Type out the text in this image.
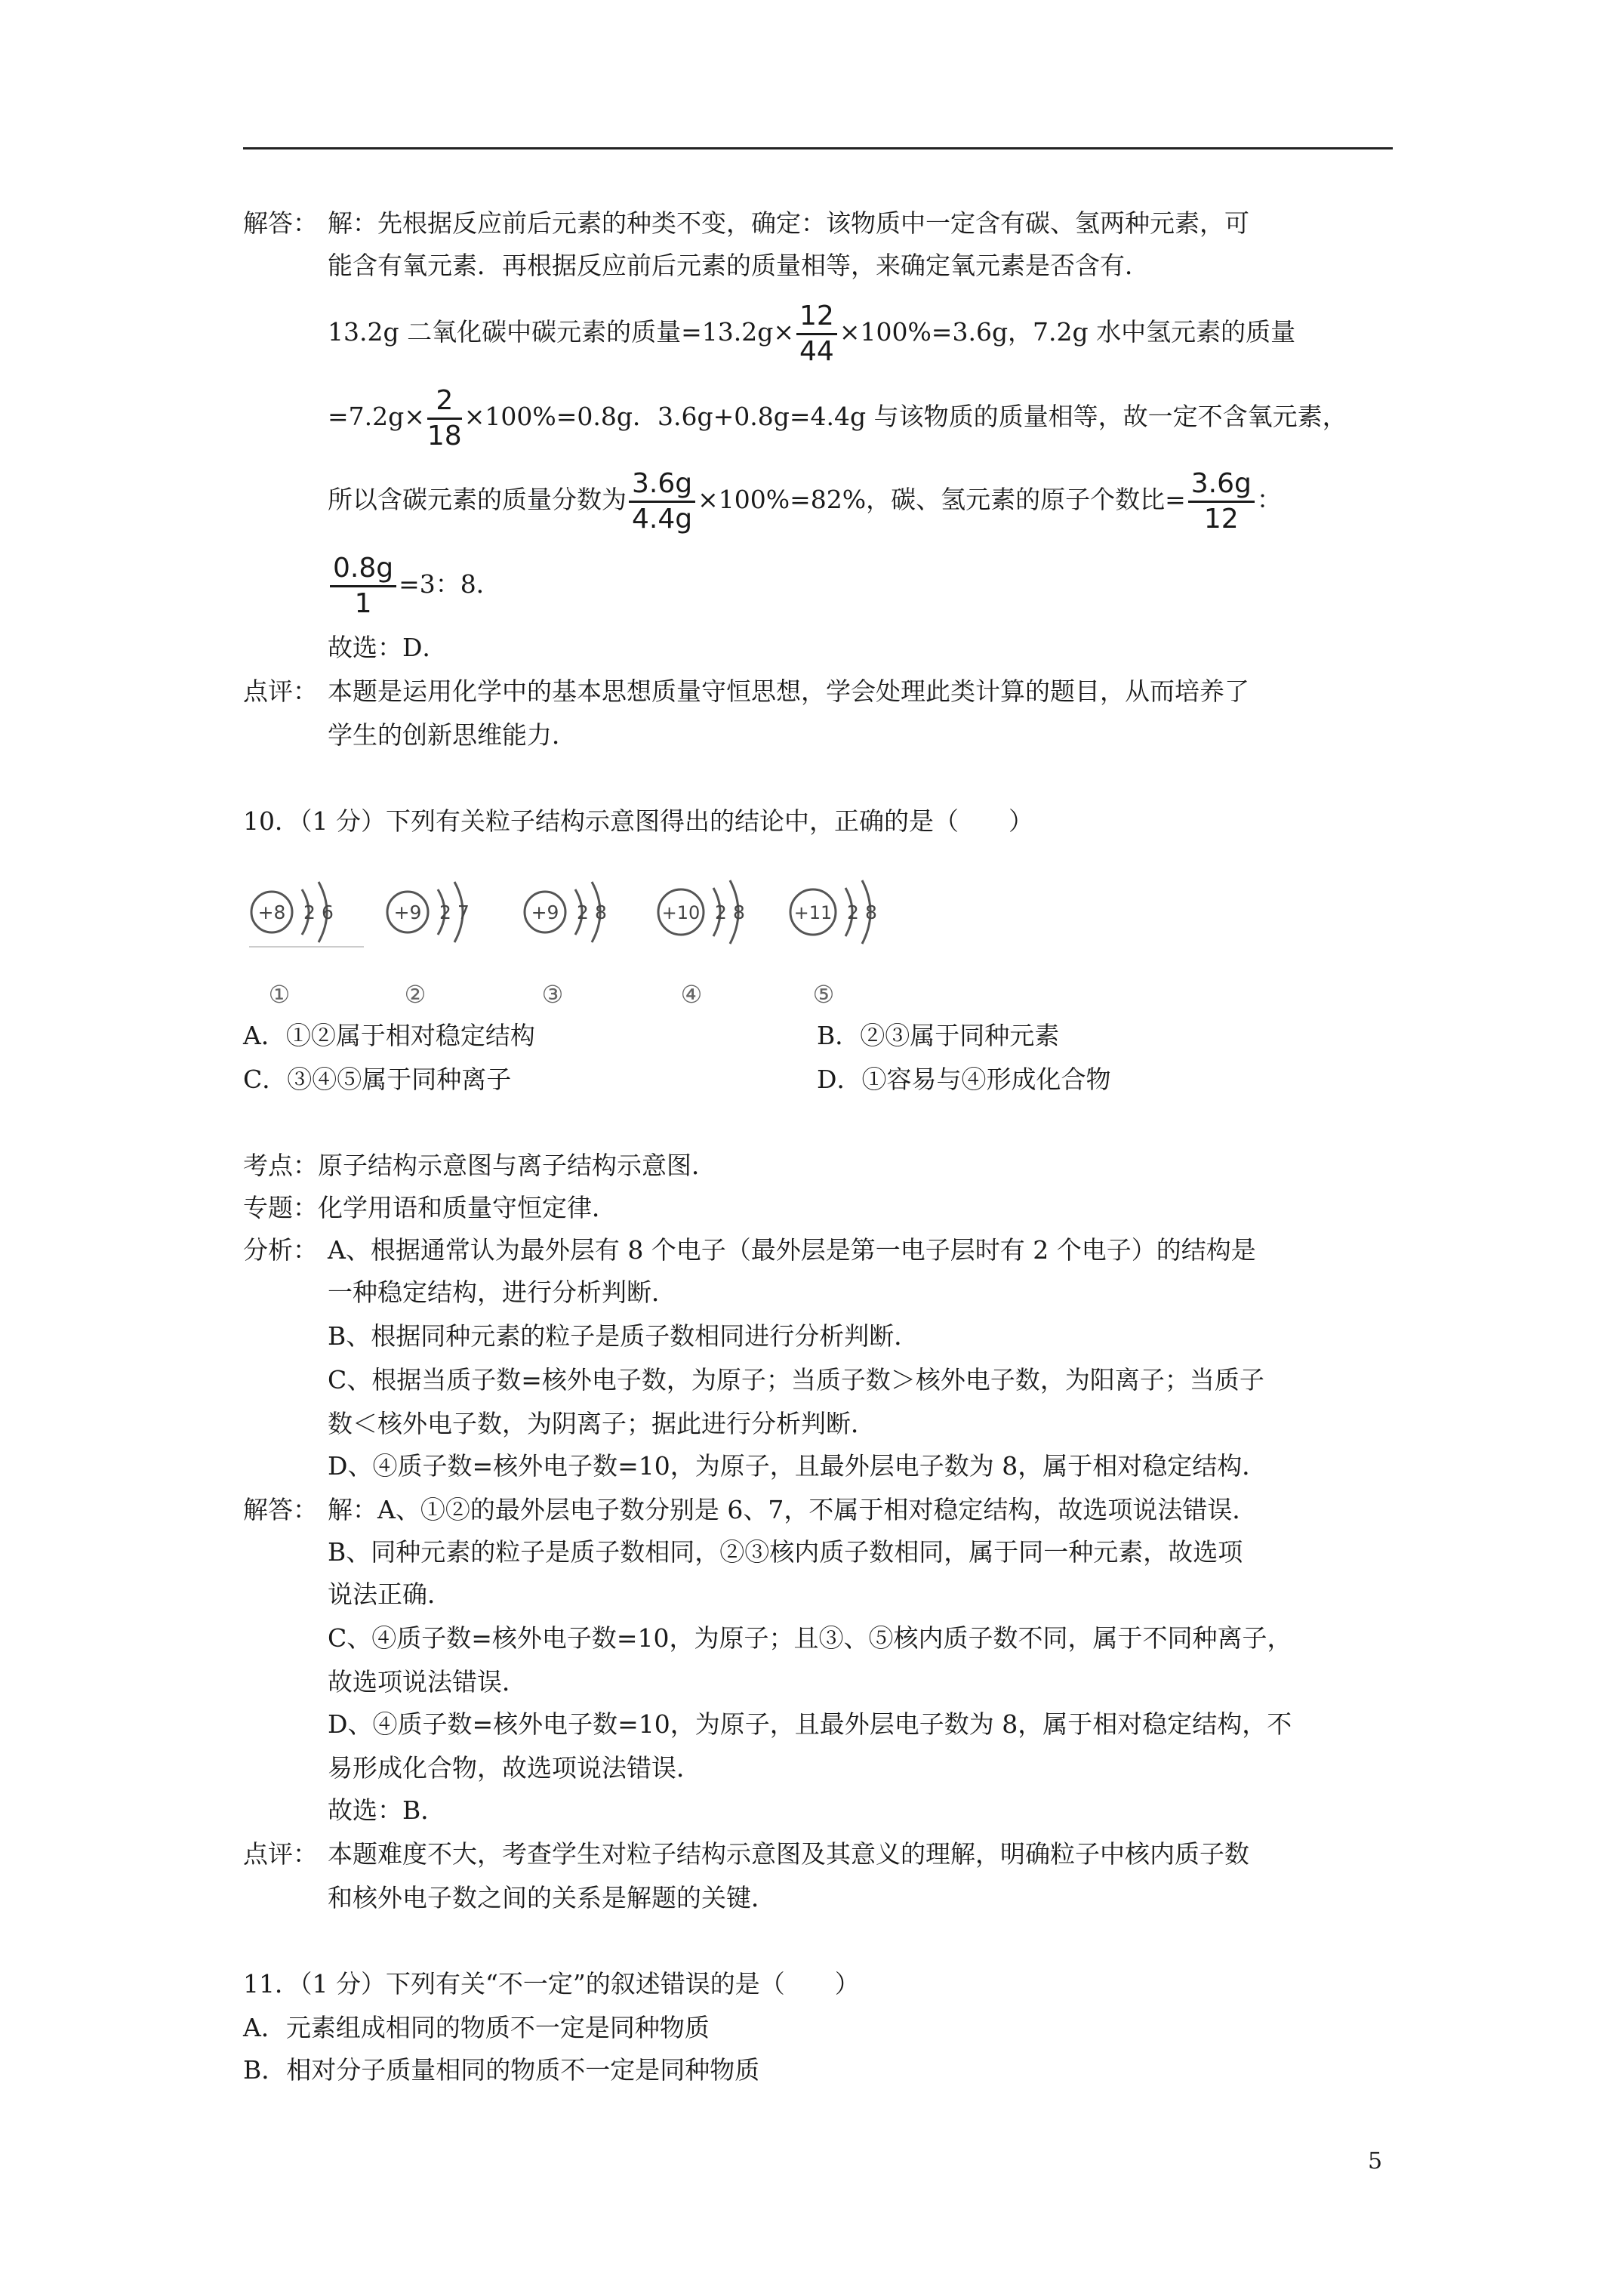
解答： 解：先根据反应前后元素的种类不变，确定：该物质中一定含有碳、氢两种元素，可
能含有氧元素．再根据反应前后元素的质量相等，来确定氧元素是否含有．
13.2g 二氧化碳中碳元素的质量$=13.2g\times \frac{12}{44} \times 100\%=3.6g$，7.2g 水中氢元素的质量
$=7.2g\times \frac{2}{18} \times 100\%=0.8g$．3.6g+0.8g=4.4g 与该物质的质量相等，故一定不含氧元素，
所以含碳元素的质量分数为 $\frac{3.6g}{4.4g} \times 100\%=82\%$，碳、氢元素的原子个数比= $\frac{3.6g}{12}$ ：
$\frac{0.8g}{1} =3$：8．
故选：D．
点评： 本题是运用化学中的基本思想质量守恒思想，学会处理此类计算的题目，从而培养了
学生的创新思维能力．
10．（1 分）下列有关粒子结构示意图得出的结论中，正确的是（　　）
+8 2 6
①
+9 2 7
②
+9 2 8
③
+10 2 8
④
+11 2 8
⑤
A．①②属于相对稳定结构	B．②③属于同种元素
C．③④⑤属于同种离子	D．①容易与④形成化合物
考点：原子结构示意图与离子结构示意图．
专题：化学用语和质量守恒定律．
分析： A、根据通常认为最外层有 8 个电子（最外层是第一电子层时有 2 个电子）的结构是
一种稳定结构，进行分析判断．
B、根据同种元素的粒子是质子数相同进行分析判断．
C、根据当质子数=核外电子数，为原子；当质子数＞核外电子数，为阳离子；当质子
数＜核外电子数，为阴离子；据此进行分析判断．
D、④质子数=核外电子数=10，为原子，且最外层电子数为 8，属于相对稳定结构．
解答： 解：A、①②的最外层电子数分别是 6、7，不属于相对稳定结构，故选项说法错误．
B、同种元素的粒子是质子数相同，②③核内质子数相同，属于同一种元素，故选项
说法正确．
C、④质子数=核外电子数=10，为原子；且③、⑤核内质子数不同，属于不同种离子，
故选项说法错误．
D、④质子数=核外电子数=10，为原子，且最外层电子数为 8，属于相对稳定结构，不
易形成化合物，故选项说法错误．
故选：B．
点评： 本题难度不大，考查学生对粒子结构示意图及其意义的理解，明确粒子中核内质子数
和核外电子数之间的关系是解题的关键．
11．（1 分）下列有关“不一定”的叙述错误的是（　　）
A．元素组成相同的物质不一定是同种物质
B．相对分子质量相同的物质不一定是同种物质
5
